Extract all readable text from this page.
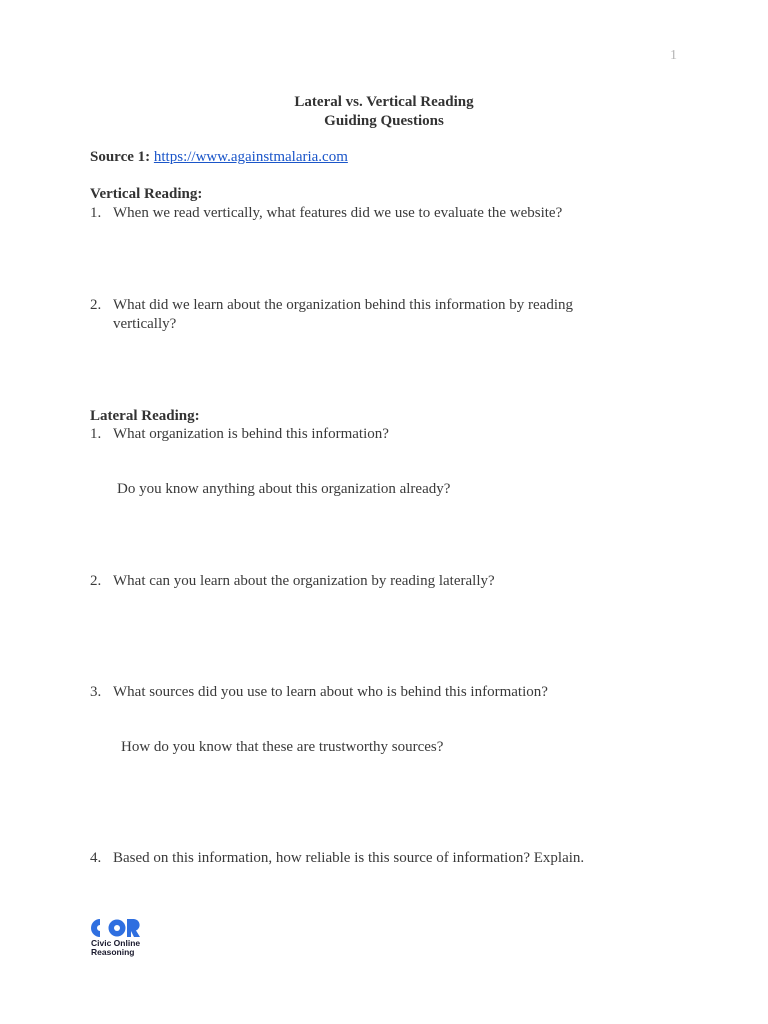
1
Lateral vs. Vertical Reading
Guiding Questions
Source 1: https://www.againstmalaria.com
Vertical Reading:
1. When we read vertically, what features did we use to evaluate the website?
2. What did we learn about the organization behind this information by reading
vertically?
Lateral Reading:
1. What organization is behind this information?
Do you know anything about this organization already?
2. What can you learn about the organization by reading laterally?
3. What sources did you use to learn about who is behind this information?
How do you know that these are trustworthy sources?
4. Based on this information, how reliable is this source of information? Explain.
Civic Online
Reasoning
